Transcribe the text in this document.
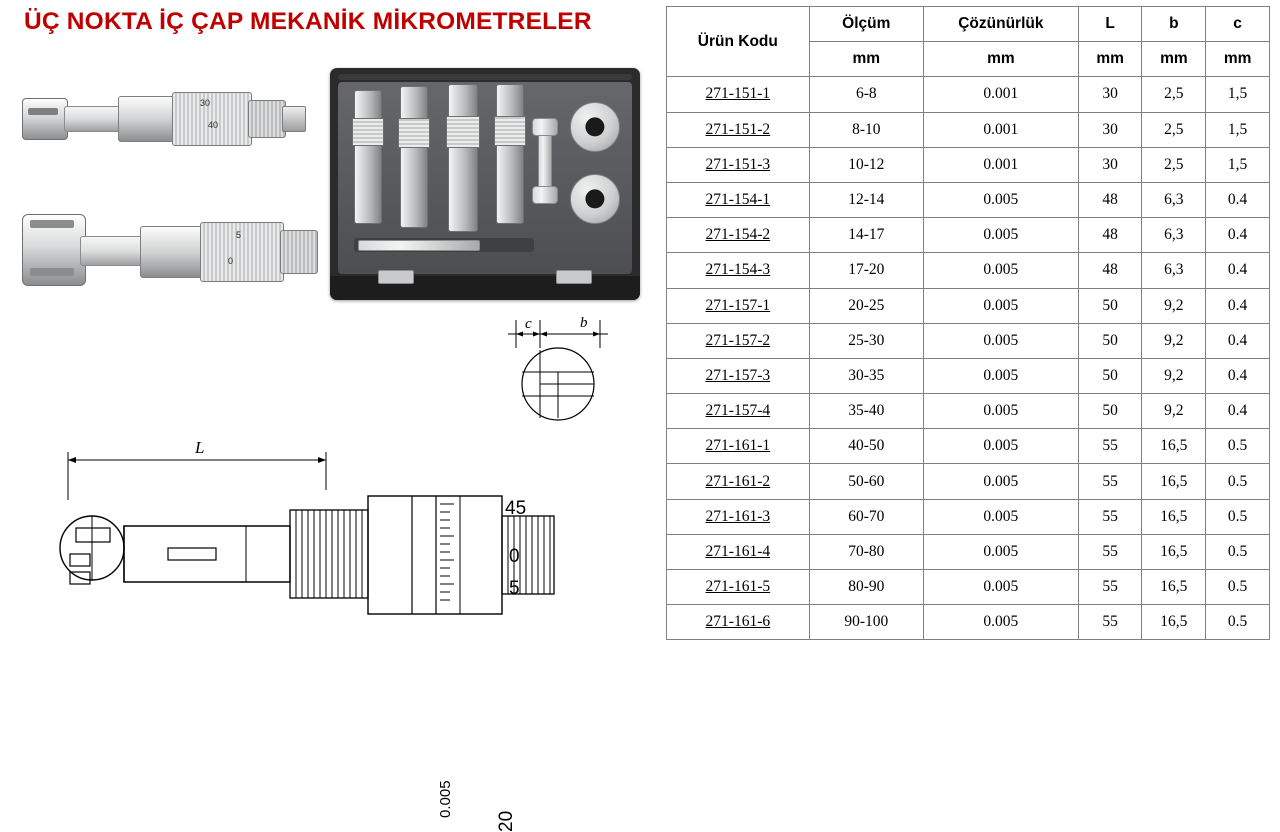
ÜÇ NOKTA İÇ ÇAP MEKANİK MİKROMETRELER
30
40
5
0
c	b
L
0.005
20
45
0
5
Ürün Kodu	Ölçüm	Çözünürlük	L	b	c
	mm	mm	mm	mm	mm
271-151-1	6-8	0.001	30	2,5	1,5
271-151-2	8-10	0.001	30	2,5	1,5
271-151-3	10-12	0.001	30	2,5	1,5
271-154-1	12-14	0.005	48	6,3	0.4
271-154-2	14-17	0.005	48	6,3	0.4
271-154-3	17-20	0.005	48	6,3	0.4
271-157-1	20-25	0.005	50	9,2	0.4
271-157-2	25-30	0.005	50	9,2	0.4
271-157-3	30-35	0.005	50	9,2	0.4
271-157-4	35-40	0.005	50	9,2	0.4
271-161-1	40-50	0.005	55	16,5	0.5
271-161-2	50-60	0.005	55	16,5	0.5
271-161-3	60-70	0.005	55	16,5	0.5
271-161-4	70-80	0.005	55	16,5	0.5
271-161-5	80-90	0.005	55	16,5	0.5
271-161-6	90-100	0.005	55	16,5	0.5
